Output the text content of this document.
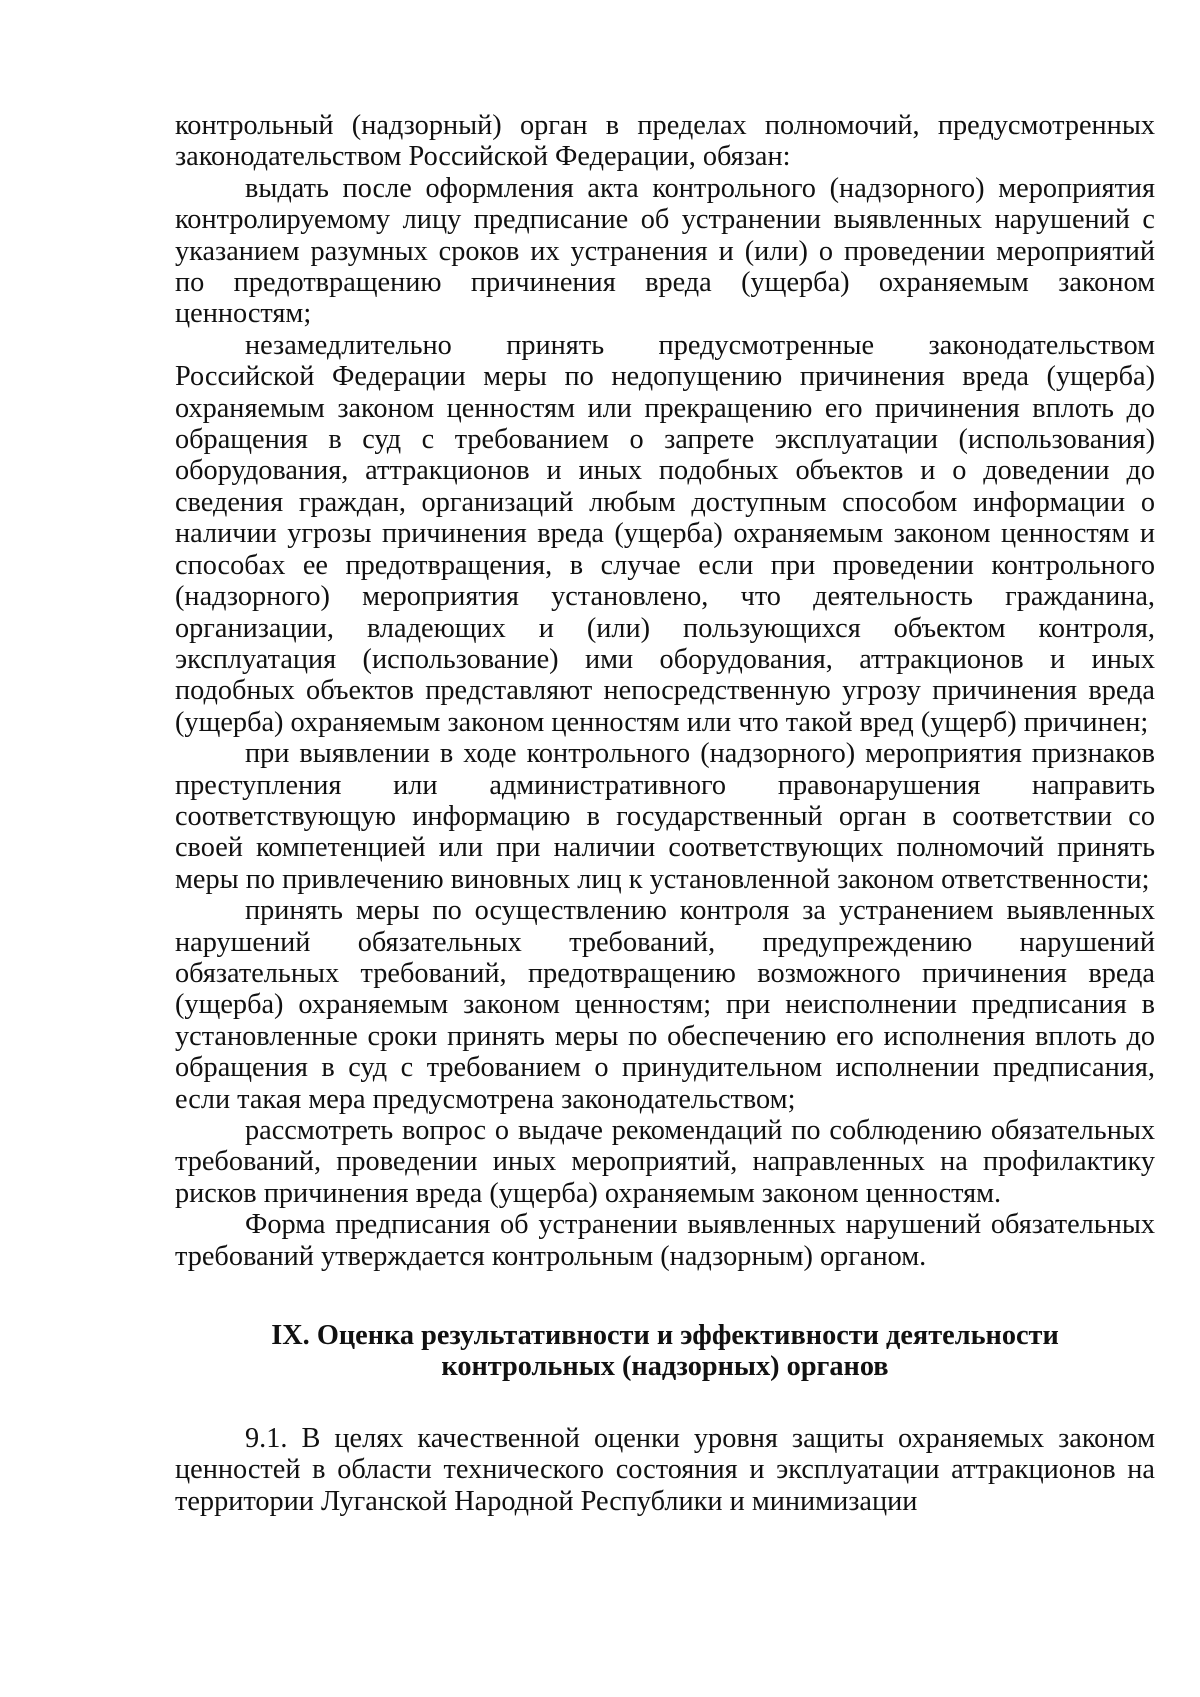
контрольный (надзорный) орган в пределах полномочий, предусмотренных законодательством Российской Федерации, обязан:

выдать после оформления акта контрольного (надзорного) мероприятия контролируемому лицу предписание об устранении выявленных нарушений с указанием разумных сроков их устранения и (или) о проведении мероприятий по предотвращению причинения вреда (ущерба) охраняемым законом ценностям;

незамедлительно принять предусмотренные законодательством Российской Федерации меры по недопущению причинения вреда (ущерба) охраняемым законом ценностям или прекращению его причинения вплоть до обращения в суд с требованием о запрете эксплуатации (использования) оборудования, аттракционов и иных подобных объектов и о доведении до сведения граждан, организаций любым доступным способом информации о наличии угрозы причинения вреда (ущерба) охраняемым законом ценностям и способах ее предотвращения, в случае если при проведении контрольного (надзорного) мероприятия установлено, что деятельность гражданина, организации, владеющих и (или) пользующихся объектом контроля, эксплуатация (использование) ими оборудования, аттракционов и иных подобных объектов представляют непосредственную угрозу причинения вреда (ущерба) охраняемым законом ценностям или что такой вред (ущерб) причинен;

при выявлении в ходе контрольного (надзорного) мероприятия признаков преступления или административного правонарушения направить соответствующую информацию в государственный орган в соответствии со своей компетенцией или при наличии соответствующих полномочий принять меры по привлечению виновных лиц к установленной законом ответственности;

принять меры по осуществлению контроля за устранением выявленных нарушений обязательных требований, предупреждению нарушений обязательных требований, предотвращению возможного причинения вреда (ущерба) охраняемым законом ценностям; при неисполнении предписания в установленные сроки принять меры по обеспечению его исполнения вплоть до обращения в суд с требованием о принудительном исполнении предписания, если такая мера предусмотрена законодательством;

рассмотреть вопрос о выдаче рекомендаций по соблюдению обязательных требований, проведении иных мероприятий, направленных на профилактику рисков причинения вреда (ущерба) охраняемым законом ценностям.

Форма предписания об устранении выявленных нарушений обязательных требований утверждается контрольным (надзорным) органом.

IX. Оценка результативности и эффективности деятельности
контрольных (надзорных) органов

9.1. В целях качественной оценки уровня защиты охраняемых законом ценностей в области технического состояния и эксплуатации аттракционов на территории Луганской Народной Республики и минимизации
